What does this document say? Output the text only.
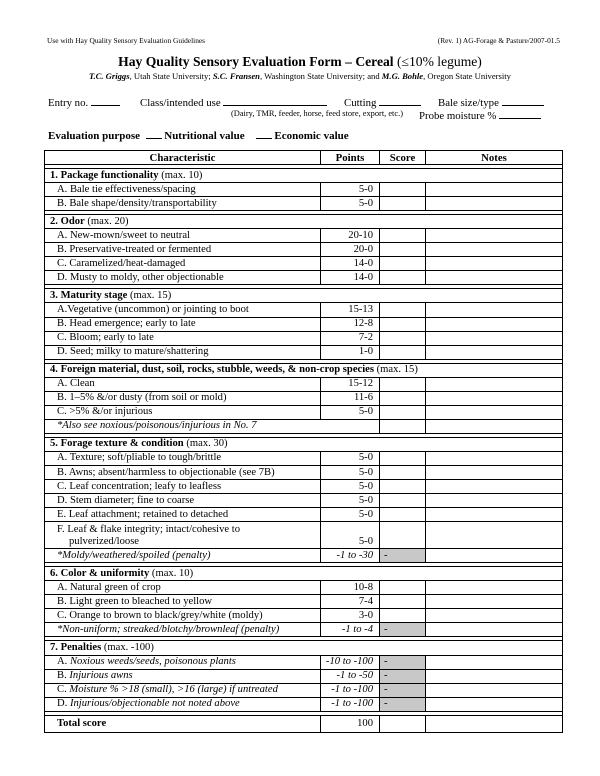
Use with Hay Quality Sensory Evaluation Guidelines	(Rev. 1) AG-Forage & Pasture/2007-01.5
Hay Quality Sensory Evaluation Form – Cereal (≤10% legume)
T.C. Griggs, Utah State University; S.C. Fransen, Washington State University; and M.G. Bohle, Oregon State University
Entry no.	Class/intended use	Cutting	Bale size/type
(Dairy, TMR, feeder, horse, feed store, export, etc.) Probe moisture %
Evaluation purpose Nutritional value	Economic value
Characteristic	Points	Score	Notes

1. Package functionality (max. 10)			
A. Bale tie effectiveness/spacing	5-0		
B. Bale shape/density/transportability	5-0		

2. Odor (max. 20)			
A. New-mown/sweet to neutral	20-10		
B. Preservative-treated or fermented	20-0		
C. Caramelized/heat-damaged	14-0		
D. Musty to moldy, other objectionable	14-0		

3. Maturity stage (max. 15)			
A.Vegetative (uncommon) or jointing to boot	15-13		
B. Head emergence; early to late	12-8		
C. Bloom; early to late	7-2		
D. Seed; milky to mature/shattering	1-0		

4. Foreign material, dust, soil, rocks, stubble, weeds, & non-crop species (max. 15)			
A. Clean	15-12		
B. 1–5% &/or dusty (from soil or mold)	11-6		
C. >5% &/or injurious	5-0		
*Also see noxious/poisonous/injurious in No. 7			

5. Forage texture & condition (max. 30)			
A. Texture; soft/pliable to tough/brittle	5-0		
B. Awns; absent/harmless to objectionable (see 7B)	5-0		
C. Leaf concentration; leafy to leafless	5-0		
D. Stem diameter; fine to coarse	5-0		
E. Leaf attachment; retained to detached	5-0		
F. Leaf & flake integrity; intact/cohesive to
pulverized/loose	5-0		
*Moldy/weathered/spoiled (penalty)	-1 to -30	-	

6. Color & uniformity (max. 10)			
A. Natural green of crop	10-8		
B. Light green to bleached to yellow	7-4		
C. Orange to brown to black/grey/white (moldy)	3-0		
*Non-uniform; streaked/blotchy/brownleaf (penalty)	-1 to -4	-	

7. Penalties (max. -100)			
A. Noxious weeds/seeds, poisonous plants	-10 to -100	-	
B. Injurious awns	-1 to -50	-	
C. Moisture % >18 (small), >16 (large) if untreated	-1 to -100	-	
D. Injurious/objectionable not noted above	-1 to -100	-	

Total score	100		
